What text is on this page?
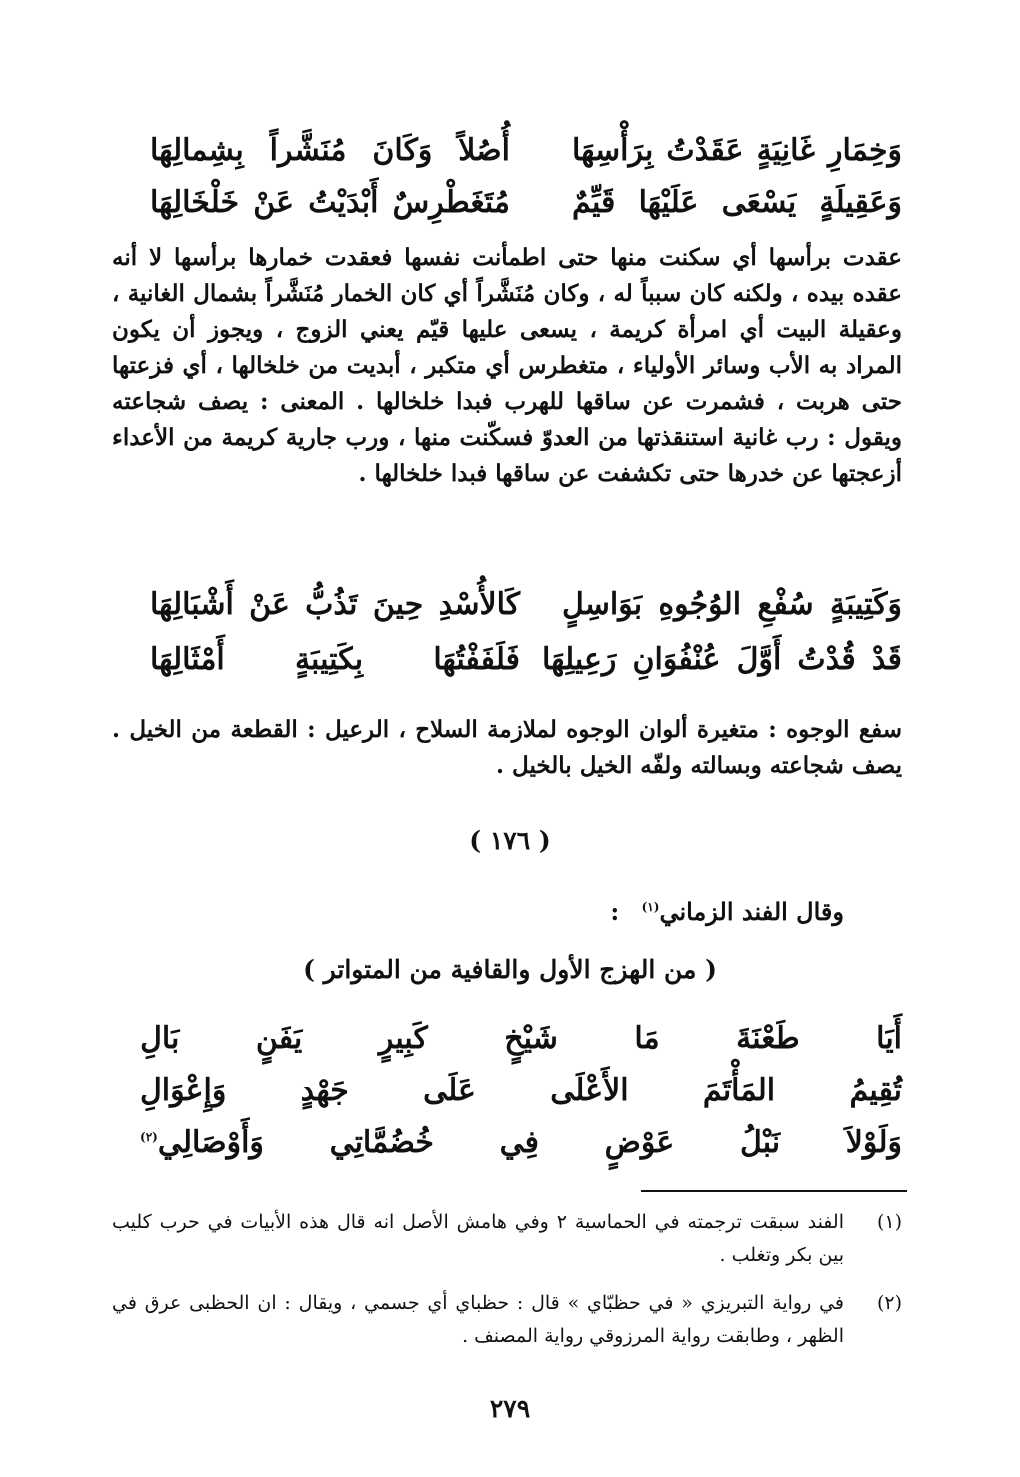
وَخِمَارِ
غَانِيَةٍ
عَقَدْتُ
بِرَأْسِهَا
أُصُلاً
وَكَانَ
مُنَشَّراً
بِشِمالِهَا
وَعَقِيلَةٍ
يَسْعَى
عَلَيْهَا
قَيِّمٌ
مُتَغَطْرِسٌ
أَبْدَيْتُ
عَنْ
خَلْخَالِهَا

عقدت برأسها أي سكنت منها حتى اطمأنت نفسها فعقدت خمارها برأسها لا أنه عقده بيده ، ولكنه كان سبباً له ، وكان مُنَشَّراً أي كان الخمار مُنَشَّراً بشمال الغانية ، وعقيلة البيت أي امرأة كريمة ، يسعى عليها قيّم يعني الزوج ، ويجوز أن يكون المراد به الأب وسائر الأولياء ، متغطرس أي متكبر ، أبديت من خلخالها ، أي فزعتها حتى هربت ، فشمرت عن ساقها للهرب فبدا خلخالها . المعنى : يصف شجاعته ويقول : رب غانية استنقذتها من العدوّ فسكّنت منها ، ورب جارية كريمة من الأعداء أزعجتها عن خدرها حتى تكشفت عن ساقها فبدا خلخالها .

وَكَتِيبَةٍ
سُفْعِ
الوُجُوهِ
بَوَاسِلٍ
كَالأُسْدِ
حِينَ
تَذُبُّ
عَنْ
أَشْبَالِهَا
قَدْ
قُدْتُ
أَوَّلَ
عُنْفُوَانِ
رَعِيلِهَا
فَلَفَفْتُهَا
بِكَتِيبَةٍ
أَمْثَالِهَا

سفع الوجوه : متغيرة ألوان الوجوه لملازمة السلاح ، الرعيل : القطعة من الخيل . يصف شجاعته وبسالته ولفّه الخيل بالخيل .

( ١٧٦ )
وقال الفند الزماني$^{(١)}$ :
( من الهزج الأول والقافية من المتواتر )
أَيَا
طَعْنَةَ
مَا
شَيْخٍ
كَبِيرٍ
يَفَنٍ
بَالِ
تُقِيمُ
المَأْتَمَ
الأَعْلَى
عَلَى
جَهْدٍ
وَإِعْوَالِ
وَلَوْلاَ
نَبْلُ
عَوْضٍ
فِي
خُضُمَّاتِي
وَأَوْصَالِي$^{(٢)}$
(١)
الفند سبقت ترجمته في الحماسية ٢ وفي هامش الأصل انه قال هذه الأبيات في حرب كليب بين بكر وتغلب .
(٢)
في رواية التبريزي « في حظبّاي » قال : حظباي أي جسمي ، ويقال : ان الحظبى عرق في الظهر ، وطابقت رواية المرزوقي رواية المصنف .
٢٧٩
